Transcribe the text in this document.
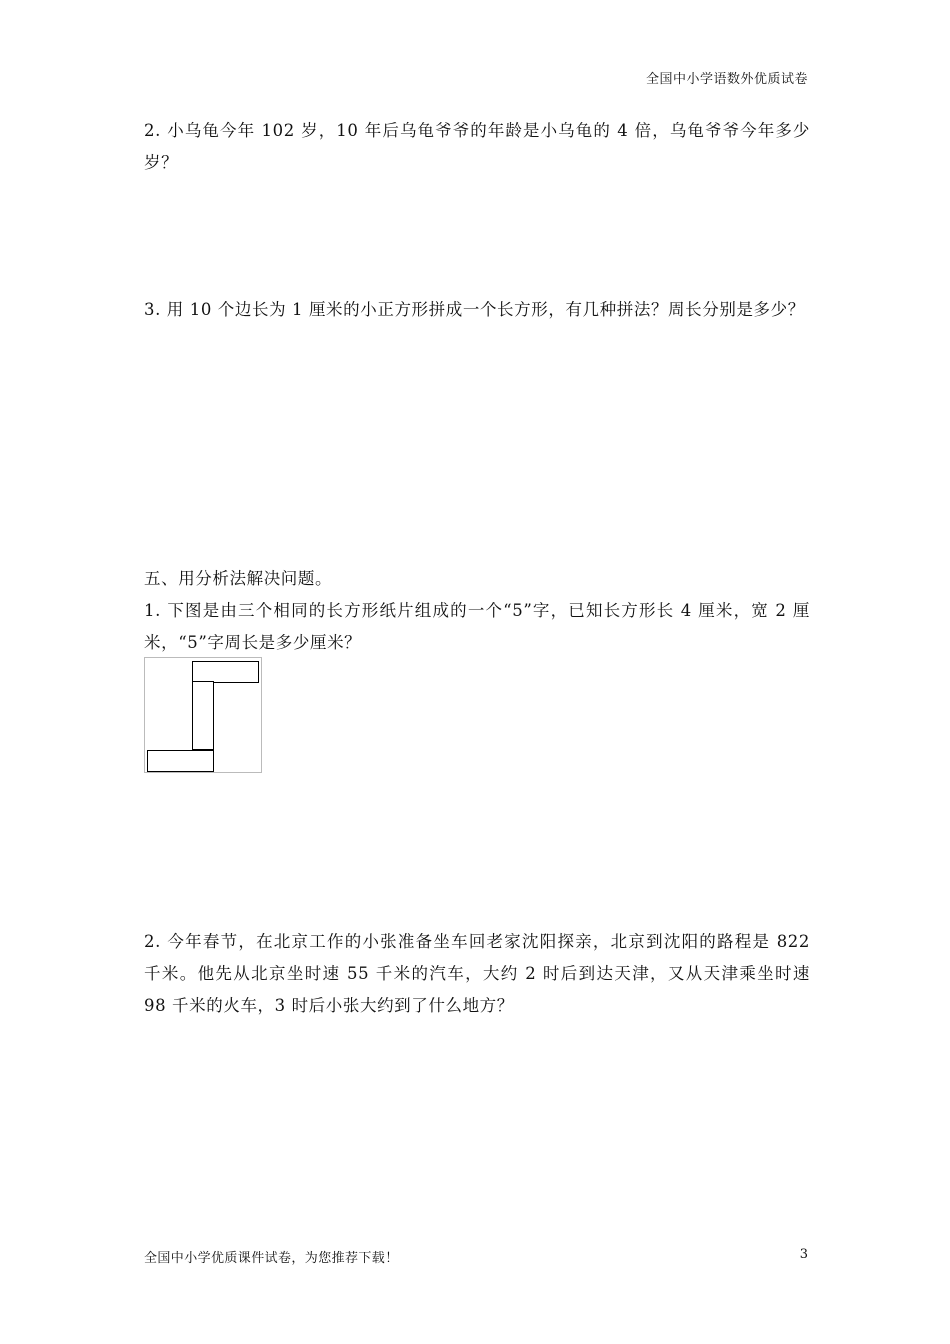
全国中小学语数外优质试卷
2. 小乌龟今年 102 岁，10 年后乌龟爷爷的年龄是小乌龟的 4 倍，乌龟爷爷今年多少岁？
3. 用 10 个边长为 1 厘米的小正方形拼成一个长方形，有几种拼法？周长分别是多少？
五、用分析法解决问题。
1. 下图是由三个相同的长方形纸片组成的一个“5”字，已知长方形长 4 厘米，宽 2 厘米，“5”字周长是多少厘米？
2. 今年春节，在北京工作的小张准备坐车回老家沈阳探亲，北京到沈阳的路程是 822 千米。他先从北京坐时速 55 千米的汽车，大约 2 时后到达天津，又从天津乘坐时速 98 千米的火车，3 时后小张大约到了什么地方？
全国中小学优质课件试卷，为您推荐下载！	3
